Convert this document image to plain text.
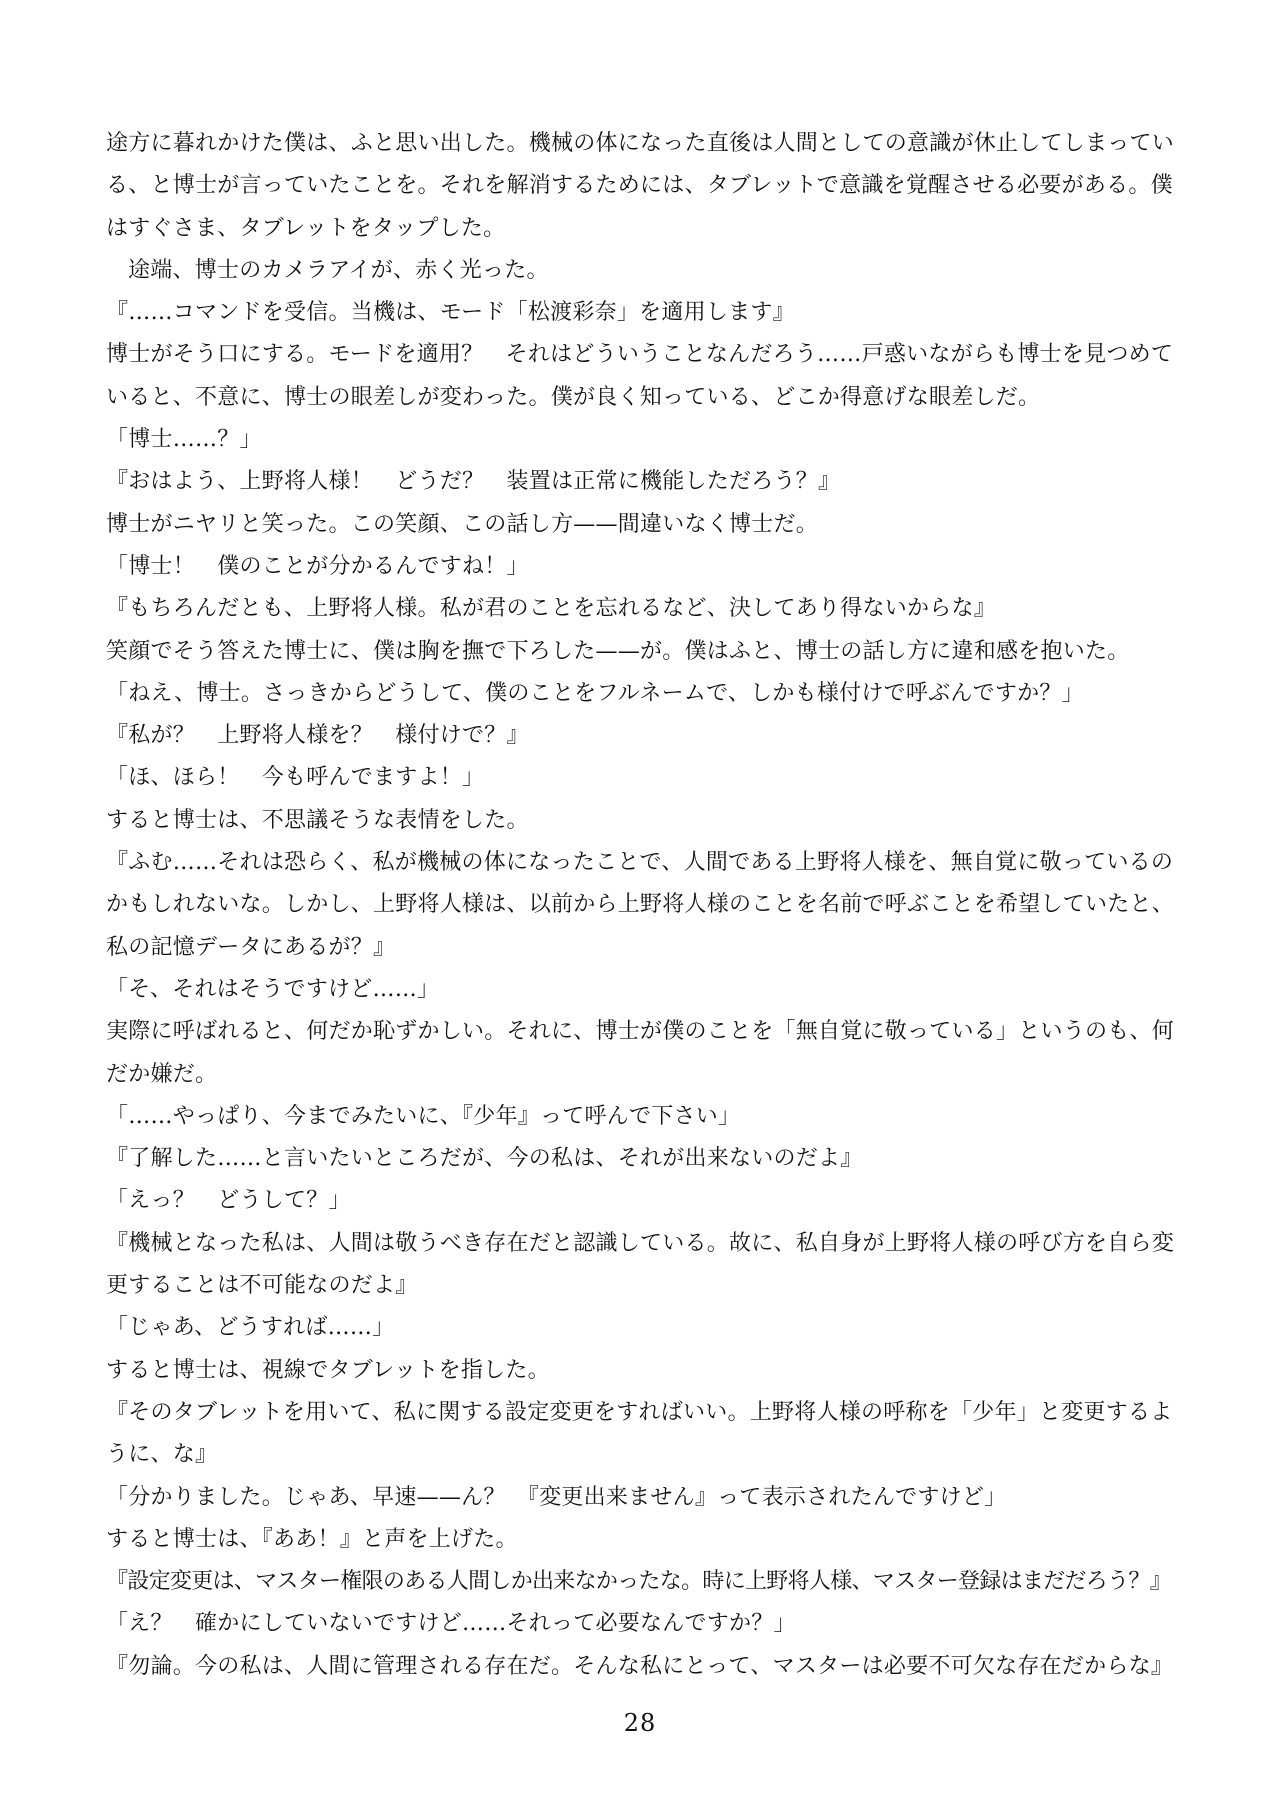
途方に暮れかけた僕は、ふと思い出した。機械の体になった直後は人間としての意識が休止してしまってい
る、と博士が言っていたことを。それを解消するためには、タブレットで意識を覚醒させる必要がある。僕
はすぐさま、タブレットをタップした。
途端、博士のカメラアイが、赤く光った。
『……コマンドを受信。当機は、モード「松渡彩奈」を適用します』
博士がそう口にする。モードを適用？　それはどういうことなんだろう……戸惑いながらも博士を見つめて
いると、不意に、博士の眼差しが変わった。僕が良く知っている、どこか得意げな眼差しだ。
「博士……？」
『おはよう、上野将人様！　どうだ？　装置は正常に機能しただろう？』
博士がニヤリと笑った。この笑顔、この話し方——間違いなく博士だ。
「博士！　僕のことが分かるんですね！」
『もちろんだとも、上野将人様。私が君のことを忘れるなど、決してあり得ないからな』
笑顔でそう答えた博士に、僕は胸を撫で下ろした——が。僕はふと、博士の話し方に違和感を抱いた。
「ねえ、博士。さっきからどうして、僕のことをフルネームで、しかも様付けで呼ぶんですか？」
『私が？　上野将人様を？　様付けで？』
「ほ、ほら！　今も呼んでますよ！」
すると博士は、不思議そうな表情をした。
『ふむ……それは恐らく、私が機械の体になったことで、人間である上野将人様を、無自覚に敬っているの
かもしれないな。しかし、上野将人様は、以前から上野将人様のことを名前で呼ぶことを希望していたと、
私の記憶データにあるが？』
「そ、それはそうですけど……」
実際に呼ばれると、何だか恥ずかしい。それに、博士が僕のことを「無自覚に敬っている」というのも、何
だか嫌だ。
「……やっぱり、今までみたいに、『少年』って呼んで下さい」
『了解した……と言いたいところだが、今の私は、それが出来ないのだよ』
「えっ？　どうして？」
『機械となった私は、人間は敬うべき存在だと認識している。故に、私自身が上野将人様の呼び方を自ら変
更することは不可能なのだよ』
「じゃあ、どうすれば……」
すると博士は、視線でタブレットを指した。
『そのタブレットを用いて、私に関する設定変更をすればいい。上野将人様の呼称を「少年」と変更するよ
うに、な』
「分かりました。じゃあ、早速——ん？　『変更出来ません』って表示されたんですけど」
すると博士は、『ああ！』と声を上げた。
『設定変更は、マスター権限のある人間しか出来なかったな。時に上野将人様、マスター登録はまだだろう？』
「え？　確かにしていないですけど……それって必要なんですか？」
『勿論。今の私は、人間に管理される存在だ。そんな私にとって、マスターは必要不可欠な存在だからな』
28
